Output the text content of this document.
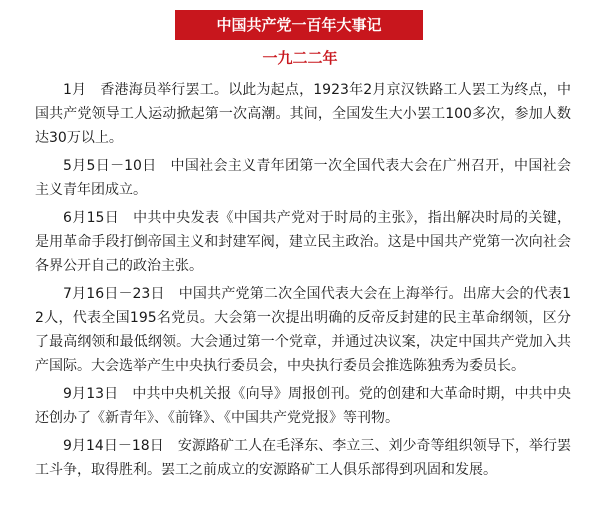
中国共产党一百年大事记
一九二二年

1月 香港海员举行罢工。以此为起点，1923年2月京汉铁路工人罢工为终点，中国共产党领导工人运动掀起第一次高潮。其间，全国发生大小罢工100多次，参加人数达30万以上。

5月5日－10日 中国社会主义青年团第一次全国代表大会在广州召开，中国社会主义青年团成立。

6月15日 中共中央发表《中国共产党对于时局的主张》，指出解决时局的关键，是用革命手段打倒帝国主义和封建军阀，建立民主政治。这是中国共产党第一次向社会各界公开自己的政治主张。

7月16日－23日 中国共产党第二次全国代表大会在上海举行。出席大会的代表12人，代表全国195名党员。大会第一次提出明确的反帝反封建的民主革命纲领，区分了最高纲领和最低纲领。大会通过第一个党章，并通过决议案，决定中国共产党加入共产国际。大会选举产生中央执行委员会，中央执行委员会推选陈独秀为委员长。

9月13日 中共中央机关报《向导》周报创刊。党的创建和大革命时期，中共中央还创办了《新青年》、《前锋》、《中国共产党党报》等刊物。

9月14日－18日 安源路矿工人在毛泽东、李立三、刘少奇等组织领导下，举行罢工斗争，取得胜利。罢工之前成立的安源路矿工人俱乐部得到巩固和发展。
